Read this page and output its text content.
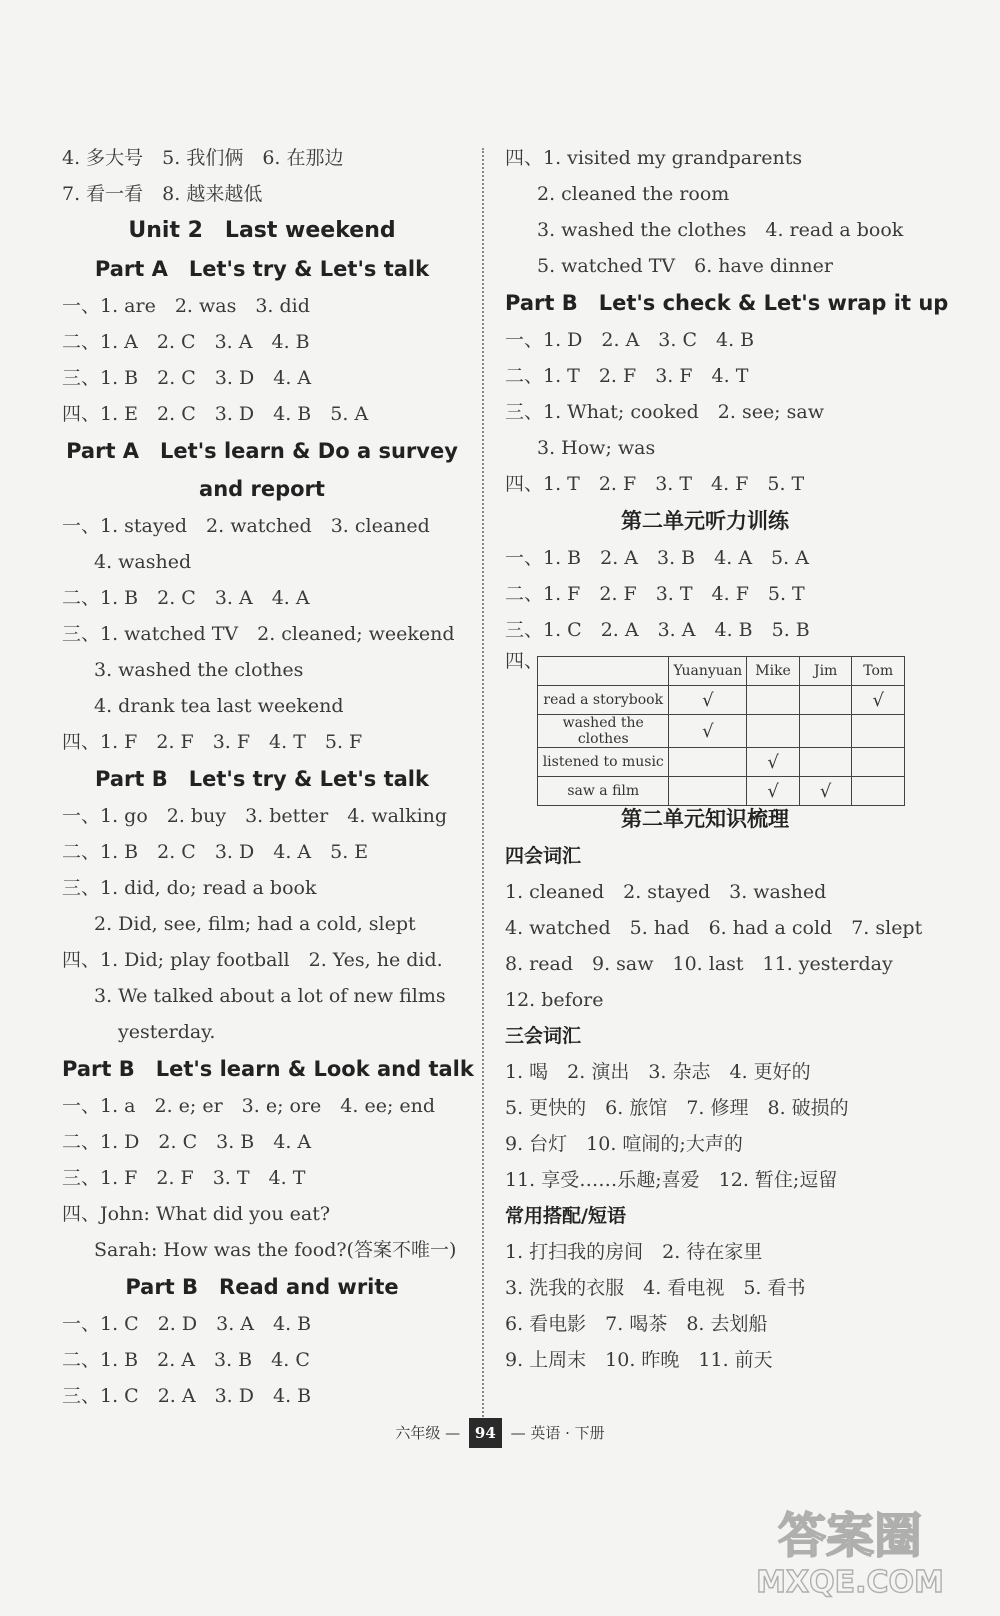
4. 多大号　5. 我们俩　6. 在那边
7. 看一看　8. 越来越低
Unit 2　Last weekend
Part A　Let's try & Let's talk
一、1. are　2. was　3. did
二、1. A　2. C　3. A　4. B
三、1. B　2. C　3. D　4. A
四、1. E　2. C　3. D　4. B　5. A
Part A　Let's learn & Do a survey
and report
一、1. stayed　2. watched　3. cleaned
4. washed
二、1. B　2. C　3. A　4. A
三、1. watched TV　2. cleaned; weekend
3. washed the clothes
4. drank tea last weekend
四、1. F　2. F　3. F　4. T　5. F
Part B　Let's try & Let's talk
一、1. go　2. buy　3. better　4. walking
二、1. B　2. C　3. D　4. A　5. E
三、1. did, do; read a book
2. Did, see, film; had a cold, slept
四、1. Did; play football　2. Yes, he did.
3. We talked about a lot of new films
yesterday.
Part B　Let's learn & Look and talk
一、1. a　2. e; er　3. e; ore　4. ee; end
二、1. D　2. C　3. B　4. A
三、1. F　2. F　3. T　4. T
四、John: What did you eat?
Sarah: How was the food?(答案不唯一)
Part B　Read and write
一、1. C　2. D　3. A　4. B
二、1. B　2. A　3. B　4. C
三、1. C　2. A　3. D　4. B
四、1. visited my grandparents
2. cleaned the room
3. washed the clothes　4. read a book
5. watched TV　6. have dinner
Part B　Let's check & Let's wrap it up
一、1. D　2. A　3. C　4. B
二、1. T　2. F　3. F　4. T
三、1. What; cooked　2. see; saw
3. How; was
四、1. T　2. F　3. T　4. F　5. T
第二单元听力训练
一、1. B　2. A　3. B　4. A　5. A
二、1. F　2. F　3. T　4. F　5. T
三、1. C　2. A　3. A　4. B　5. B
四、
		Yuanyuan	Mike	Jim	Tom
read a storybook	√			√
washed the clothes	√			
listened to music		√		
saw a film		√	√	
第二单元知识梳理
四会词汇
1. cleaned　2. stayed　3. washed
4. watched　5. had　6. had a cold　7. slept
8. read　9. saw　10. last　11. yesterday
12. before
三会词汇
1. 喝　2. 演出　3. 杂志　4. 更好的
5. 更快的　6. 旅馆　7. 修理　8. 破损的
9. 台灯　10. 喧闹的;大声的
11. 享受……乐趣;喜爱　12. 暂住;逗留
常用搭配/短语
1. 打扫我的房间　2. 待在家里
3. 洗我的衣服　4. 看电视　5. 看书
6. 看电影　7. 喝茶　8. 去划船
9. 上周末　10. 昨晚　11. 前天
六年级 — 94 — 英语 · 下册
答案圈
MXQE.COM
